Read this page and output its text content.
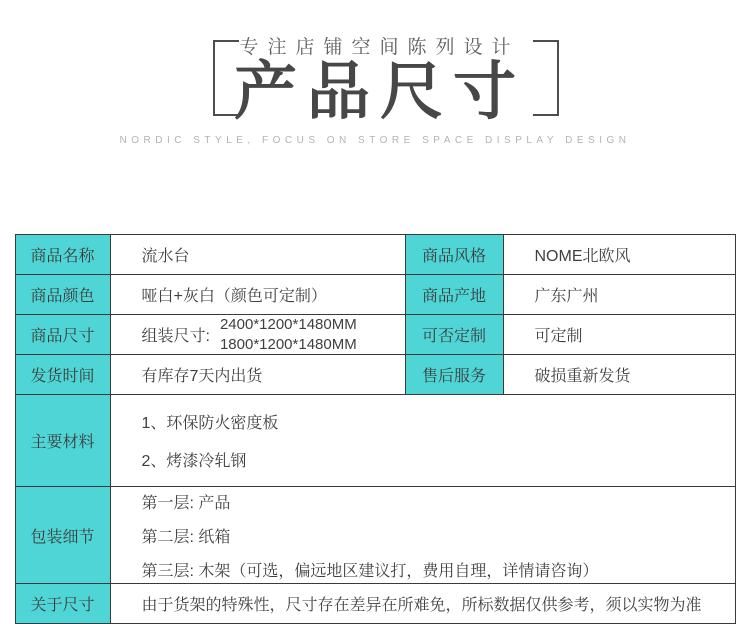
专注店铺空间陈列设计
产品尺寸
NORDIC STYLE, FOCUS ON STORE SPACE DISPLAY DESIGN
商品名称	流水台	商品风格	NOME北欧风
商品颜色	哑白+灰白（颜色可定制）	商品产地	广东广州
商品尺寸	组装尺寸:
2400*1200*1480MM
1800*1200*1480MM	可否定制	可定制
发货时间	有库存7天内出货	售后服务	破损重新发货
主要材料	1、环保防火密度板
2、烤漆冷轧钢		

包装细节	第一层: 产品
第二层: 纸箱
第三层: 木架（可选，偏远地区建议打，费用自理，详情请咨询）		

关于尺寸	由于货架的特殊性，尺寸存在差异在所难免，所标数据仅供参考，须以实物为准		
